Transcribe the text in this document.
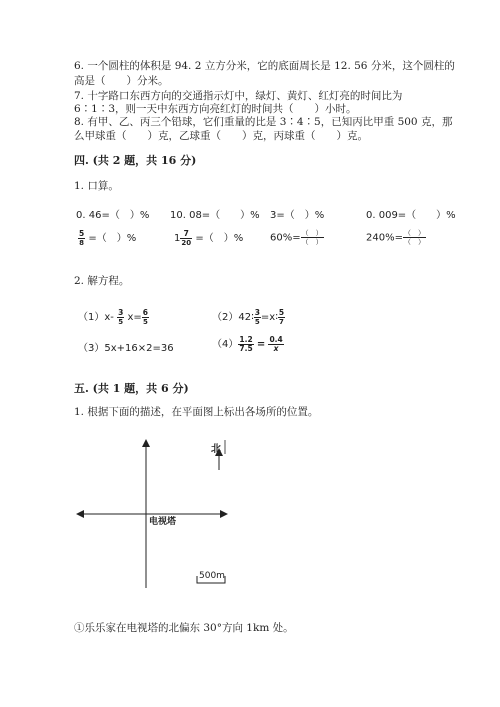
6. 一个圆柱的体积是 94. 2 立方分米，它的底面周长是 12. 56 分米，这个圆柱的
高是（　　）分米。
7. 十字路口东西方向的交通指示灯中，绿灯、黄灯、红灯亮的时间比为
6∶1∶3，则一天中东西方向亮红灯的时间共（　　）小时。
8. 有甲、乙、丙三个铅球，它们重量的比是 3∶4∶5，已知丙比甲重 500 克，那
么甲球重（　　）克，乙球重（　　）克，丙球重（　　）克。
四. (共 2 题，共 16 分)
1. 口算。
0. 46=（　）% 10. 08=（　　）% 3=（　）%	0. 009=（　　）%
$\frac{5}{8}$ =（　）%	$1 \frac{7}{20}$ =（　）%	$60\%= \frac{( )}{( )}$	$240\%= \frac{( )}{( )}$
2. 解方程。
$(1)x- \frac{3}{5} x= \frac{6}{5}$	（2）42∶ $\frac{3}{5}$ =x∶ $\frac{5}{7}$
（3）5x+16×2=36	$(4) \frac{1.2}{7.5} = \frac{0.4}{x}$
五. (共 1 题，共 6 分)
1. 根据下面的描述，在平面图上标出各场所的位置。
北
电视塔
500m
①乐乐家在电视塔的北偏东 30°方向 1km 处。
